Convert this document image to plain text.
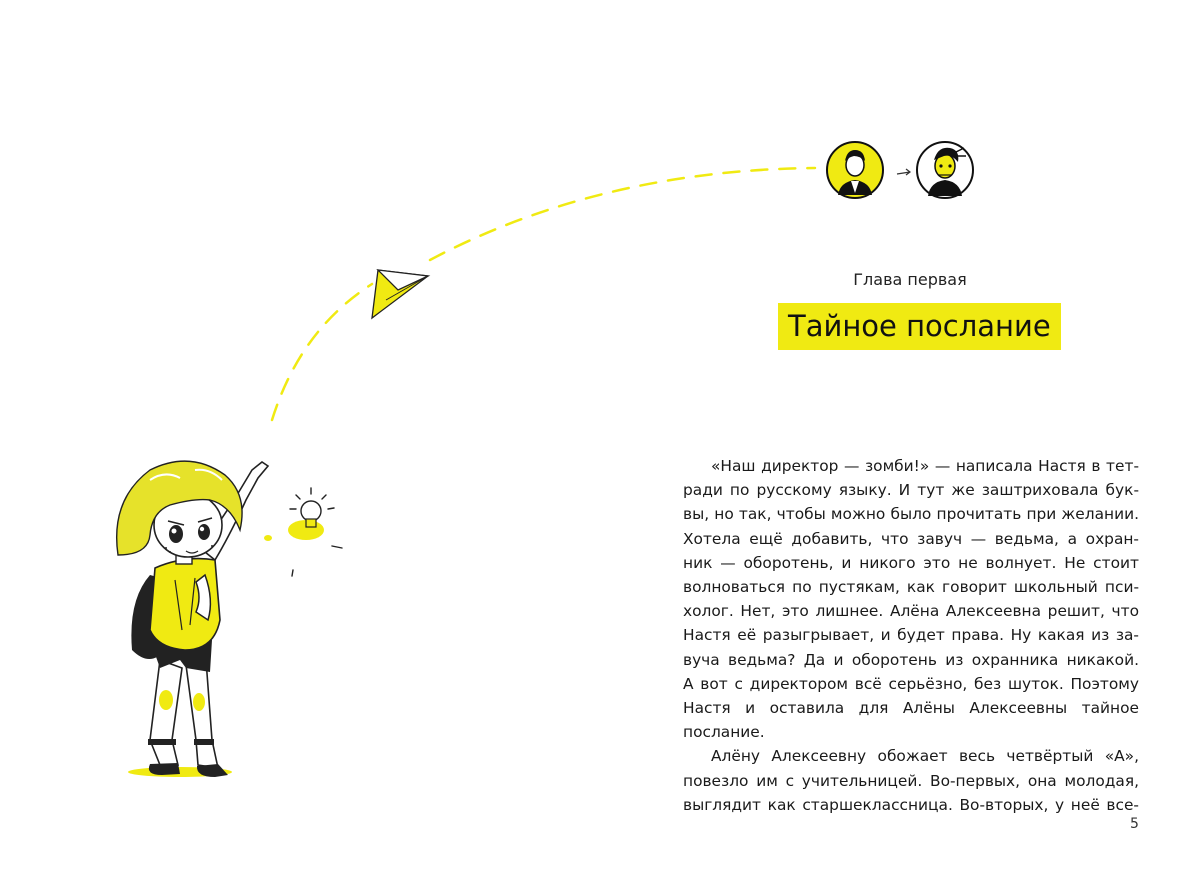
Глава первая
Тайное послание
«Наш директор — зомби!» — написала Настя в тет-
ради по русскому языку. И тут же заштриховала бук-
вы, но так, чтобы можно было прочитать при желании.
Хотела ещё добавить, что завуч — ведьма, а охран-
ник — оборотень, и никого это не волнует. Не стоит
волноваться по пустякам, как говорит школьный пси-
холог. Нет, это лишнее. Алёна Алексеевна решит, что
Настя её разыгрывает, и будет права. Ну какая из за-
вуча ведьма? Да и оборотень из охранника никакой.
А вот с директором всё серьёзно, без шуток. Поэтому
Настя и оставила для Алёны Алексеевны тайное
послание.
Алёну Алексеевну обожает весь четвёртый «А»,
повезло им с учительницей. Во-первых, она молодая,
выглядит как старшеклассница. Во-вторых, у неё все-
5
